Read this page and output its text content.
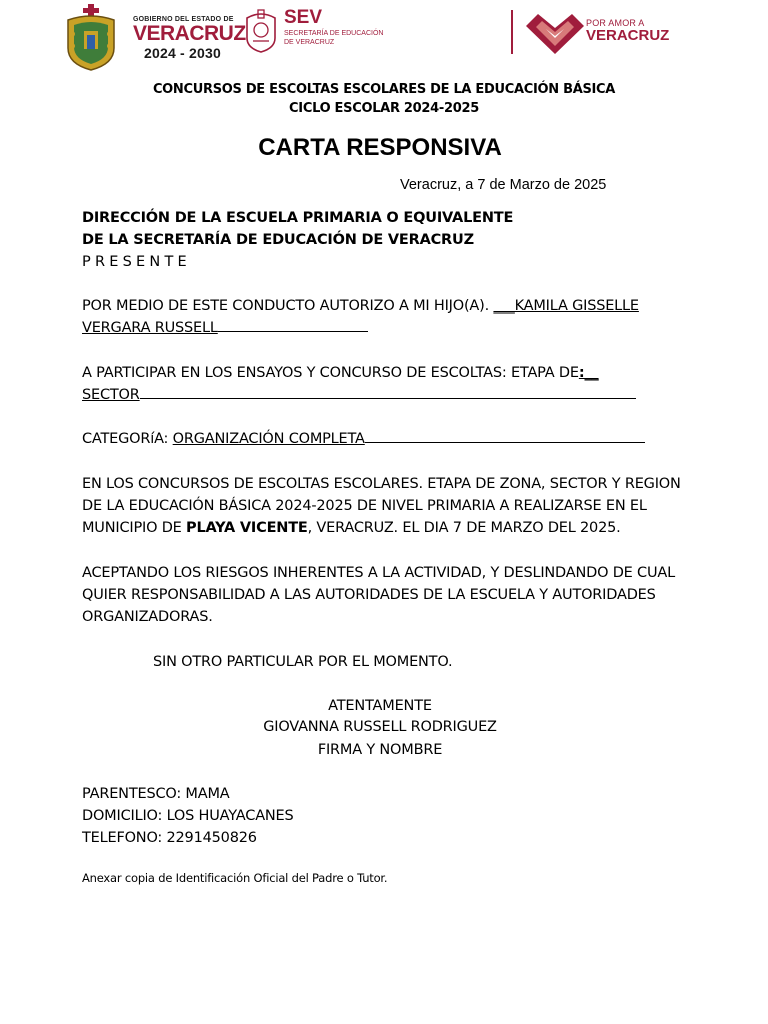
GOBIERNO DEL ESTADO DE
VERACRUZ
2024 - 2030
SEV
SECRETARÍA DE EDUCACIÓN
DE VERACRUZ
POR AMOR A
VERACRUZ
CONCURSOS DE ESCOLTAS ESCOLARES DE LA EDUCACIÓN BÁSICA
CICLO ESCOLAR 2024-2025
CARTA RESPONSIVA
Veracruz, a 7 de Marzo de 2025
DIRECCIÓN DE LA ESCUELA PRIMARIA O EQUIVALENTE
DE LA SECRETARÍA DE EDUCACIÓN DE VERACRUZ
P R E S E N T E
POR MEDIO DE ESTE CONDUCTO AUTORIZO A MI HIJO(A). ___KAMILA GISSELLE
VERGARA RUSSELL
A PARTICIPAR EN LOS ENSAYOS Y CONCURSO DE ESCOLTAS: ETAPA DE:__
SECTOR
CATEGORíA: ORGANIZACIÓN COMPLETA
EN LOS CONCURSOS DE ESCOLTAS ESCOLARES. ETAPA DE ZONA, SECTOR Y REGION
DE LA EDUCACIÓN BÁSICA 2024-2025 DE NIVEL PRIMARIA A REALIZARSE EN EL
MUNICIPIO DE PLAYA VICENTE, VERACRUZ. EL DIA 7 DE MARZO DEL 2025.
ACEPTANDO LOS RIESGOS INHERENTES A LA ACTIVIDAD, Y DESLINDANDO DE CUAL
QUIER RESPONSABILIDAD A LAS AUTORIDADES DE LA ESCUELA Y AUTORIDADES
ORGANIZADORAS.
SIN OTRO PARTICULAR POR EL MOMENTO.
ATENTAMENTE
GIOVANNA RUSSELL RODRIGUEZ
FIRMA Y NOMBRE
PARENTESCO: MAMA
DOMICILIO: LOS HUAYACANES
TELEFONO: 2291450826
Anexar copia de Identificación Oficial del Padre o Tutor.
